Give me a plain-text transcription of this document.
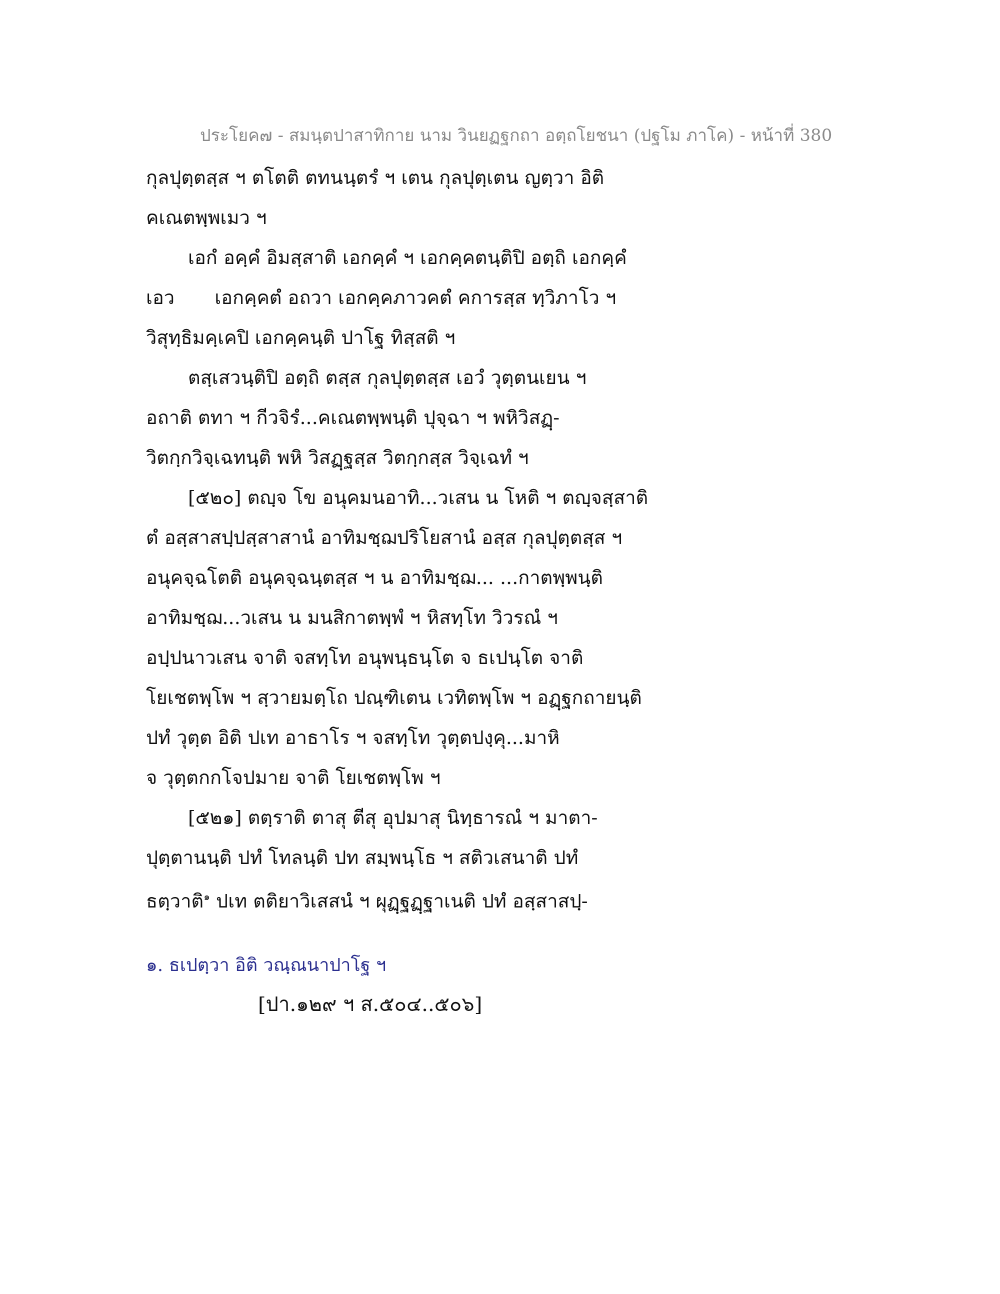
ประโยค๗ - สมนฺตปาสาทิกาย นาม วินยฏฐกถา อตฺถโยชนา (ปฐโม ภาโค) - หน้าที่ 380
กุลปุตฺตสฺส ฯ ตโตติ ตทนนฺตรํ ฯ เตน กุลปุตฺเตน ญตฺวา อิติ
คเณตพฺพเมว ฯ
เอกํ อคฺคํ อิมสฺสาติ เอกคฺคํ ฯ เอกคฺคตนฺติปิ อตฺถิ เอกคฺคํ
เอว เอกคฺคตํ อถวา เอกคฺคภาวคตํ คการสฺส ทฺวิภาโว ฯ
วิสุทฺธิมคฺเคปิ เอกคฺคนฺติ ปาโฐ ทิสฺสติ ฯ
ตสฺเสวนฺติปิ อตฺถิ ตสฺส กุลปุตฺตสฺส เอวํ วุตฺตนเยน ฯ
อถาติ ตทา ฯ กีวจิรํ...คเณตพฺพนฺติ ปุจฺฉา ฯ พหิวิสฏฺ-
วิตกฺกวิจฺเฉทนฺติ พหิ วิสฏฺฐสฺส วิตกฺกสฺส วิจฺเฉทํ ฯ
[๕๒๐] ตญฺจ โข อนุคมนอาทิ...วเสน น โหติ ฯ ตญฺจสฺสาติ
ตํ อสฺสาสปฺปสฺสาสานํ อาทิมชฺฌปริโยสานํ อสฺส กุลปุตฺตสฺส ฯ
อนุคจฺฉโตติ อนุคจฺฉนฺตสฺส ฯ น อาทิมชฺฌ... ...กาตพฺพนฺติ
อาทิมชฺฌ...วเสน น มนสิกาตพฺพํ ฯ หิสทฺโท วิวรณํ ฯ
อปฺปนาวเสน จาติ จสทฺโท อนุพนฺธนฺโต จ ธเปนฺโต จาติ
โยเชตพฺโพ ฯ สฺวายมตฺโถ ปณฺฑิเตน เวทิตพฺโพ ฯ อฏฺฐกถายนฺติ
ปทํ วุตฺต อิติ ปเท อาธาโร ฯ จสทฺโท วุตฺตปงฺคุ...มาหิ
จ วุตฺตกกโจปมาย จาติ โยเชตพฺโพ ฯ
[๕๒๑] ตตฺราติ ตาสุ ตีสุ อุปมาสุ นิทฺธารณํ ฯ มาตา-
ปุตฺตานนฺติ ปทํ โทลนฺติ ปท สมฺพนฺโธ ฯ สติวเสนาติ ปทํ
ธตฺวาติ$^๑$ ปเท ตติยาวิเสสนํ ฯ ผุฏฺฐฏฺฐาเนติ ปทํ อสฺสาสปฺ-
๑. ธเปตฺวา อิติ วณฺณนาปาโฐ ฯ
[ปา.๑๒๙ ฯ ส.๕๐๔..๕๐๖]
